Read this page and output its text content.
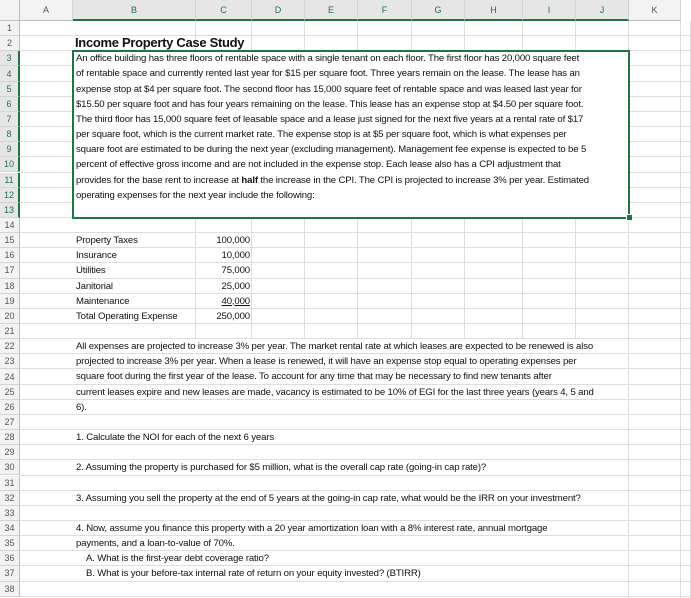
A	B	C	D	E	F	G	H	I	J	K
1
2
3
4
5
6
7
8
9
10
11
12
13
14
15
16
17
18
19
20
21
22
23
24
25
26
27
28
29
30
31
32
33
34
35
36
37
38
An office building has three floors of rentable space with a single tenant on each floor. The first floor has 20,000 square feet
of rentable space and currently rented last year for $15 per square foot. Three years remain on the lease. The lease has an
expense stop at $4 per square foot. The second floor has 15,000 square feet of rentable space and was leased last year for
$15.50 per square foot and has four years remaining on the lease. This lease has an expense stop at $4.50 per square foot.
The third floor has 15,000 square feet of leasable space and a lease just signed for the next five years at a rental rate of $17
per square foot, which is the current market rate. The expense stop is at $5 per square foot, which is what expenses per
square foot are estimated to be during the next year (excluding management). Management fee expense is expected to be 5
percent of effective gross income and are not included in the expense stop. Each lease also has a CPI adjustment that
provides for the base rent to increase at half the increase in the CPI. The CPI is projected to increase 3% per year. Estimated
operating expenses for the next year include the following:
Income Property Case Study
Property Taxes	100,000
Insurance	10,000
Utilities	75,000
Janitorial	25,000
Maintenance	40,000
Total Operating Expense	250,000
All expenses are projected to increase 3% per year. The market rental rate at which leases are expected to be renewed is also
projected to increase 3% per year. When a lease is renewed, it will have an expense stop equal to operating expenses per
square foot during the first year of the lease. To account for any time that may be necessary to find new tenants after
current leases expire and new leases are made, vacancy is estimated to be 10% of EGI for the last three years (years 4, 5 and
6).
1. Calculate the NOI for each of the next 6 years
2. Assuming the property is purchased for $5 million, what is the overall cap rate (going-in cap rate)?
3. Assuming you sell the property at the end of 5 years at the going-in cap rate, what would be the IRR on your investment?
4. Now, assume you finance this property with a 20 year amortization loan with a 8% interest rate, annual mortgage
payments, and a loan-to-value of 70%.
A. What is the first-year debt coverage ratio?
B. What is your before-tax internal rate of return on your equity invested? (BTIRR)
